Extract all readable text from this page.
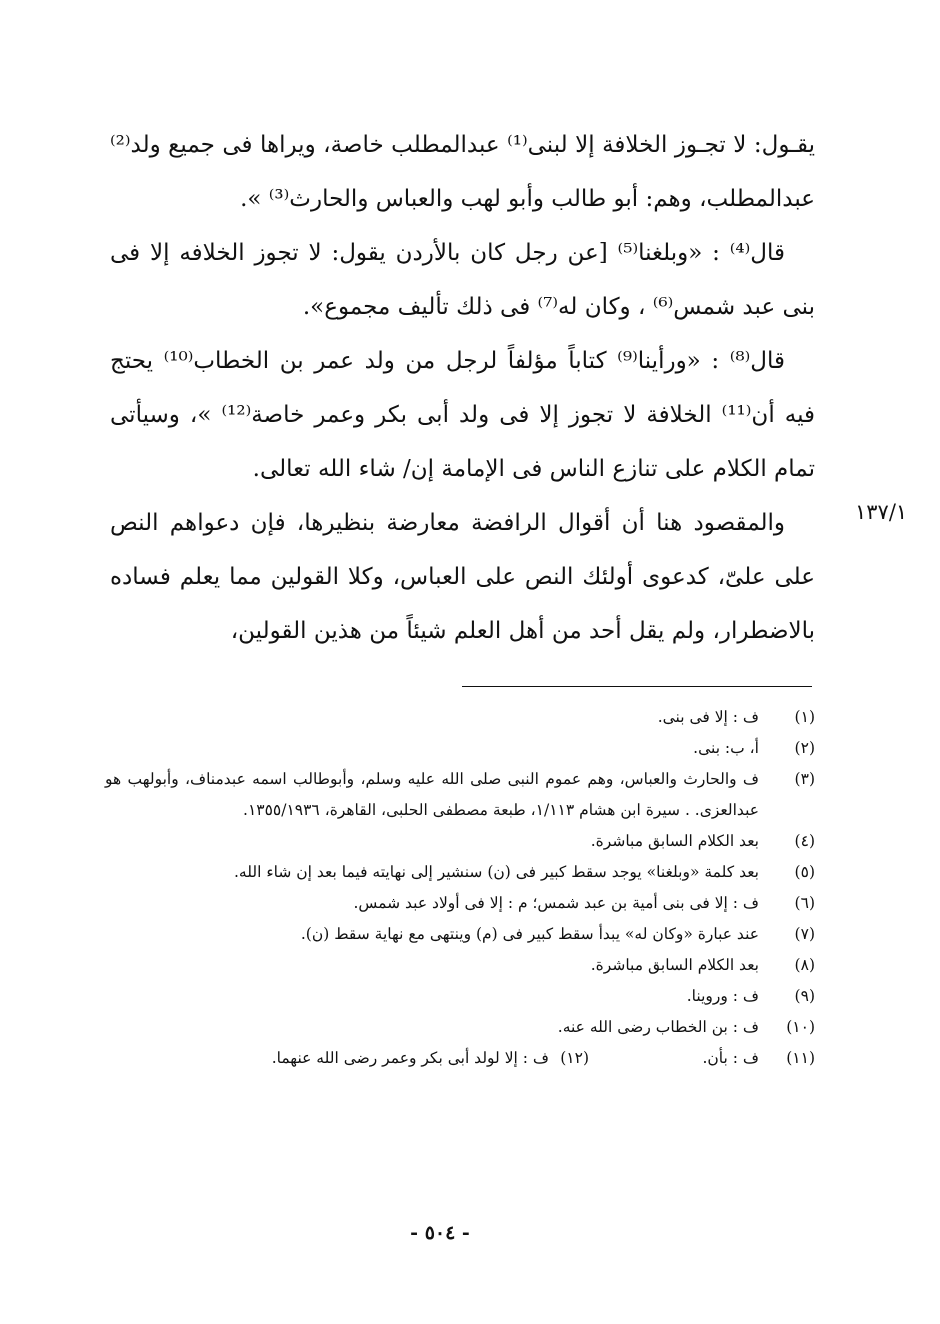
يقـول: لا تجـوز الخلافة إلا لبنى⁽¹⁾ عبدالمطلب خاصة، ويراها فى جميع ولد⁽²⁾ عبدالمطلب، وهم: أبو طالب وأبو لهب والعباس والحارث⁽³⁾ ».

قال⁽⁴⁾ : «وبلغنا⁽⁵⁾ [عن رجل كان بالأردن يقول: لا تجوز الخلافه إلا فى بنى عبد شمس⁽⁶⁾ ، وكان له⁽⁷⁾ فى ذلك تأليف مجموع».

قال⁽⁸⁾ : «ورأينا⁽⁹⁾ كتاباً مؤلفاً لرجل من ولد عمر بن الخطاب⁽¹⁰⁾ يحتج فيه أن⁽¹¹⁾ الخلافة لا تجوز إلا فى ولد أبى بكر وعمر خاصة⁽¹²⁾ »، وسيأتى تمام الكلام على تنازع الناس فى الإمامة إن/ شاء الله تعالى.

والمقصود هنا أن أقوال الرافضة معارضة بنظيرها، فإن دعواهم النص على علىّ، كدعوى أولئك النص على العباس، وكلا القولين مما يعلم فساده بالاضطرار، ولم يقل أحد من أهل العلم شيئاً من هذين القولين،

١٣٧/١
(١)
ف : إلا فى بنى.
(٢)
أ، ب: بنى.
(٣)
ف والحارث والعباس، وهم عموم النبى صلى الله عليه وسلم، وأبوطالب اسمه عبدمناف، وأبولهب هو عبدالعزى. . سيرة ابن هشام ١/١١٣، طبعة مصطفى الحلبى، القاهرة، ١٣٥٥/١٩٣٦.
(٤)
بعد الكلام السابق مباشرة.
(٥)
بعد كلمة «وبلغنا» يوجد سقط كبير فى (ن) سنشير إلى نهايته فيما بعد إن شاء الله.
(٦)
ف : إلا فى بنى أمية بن عبد شمس؛ م : إلا فى أولاد عبد شمس.
(٧)
عند عبارة «وكان له» يبدأ سقط كبير فى (م) وينتهى مع نهاية سقط (ن).
(٨)
بعد الكلام السابق مباشرة.
(٩)
ف : وروينا.
(١٠)
ف : بن الخطاب رضى الله عنه.
(١١)
ف : بأن.
(١٢)
ف : إلا لولد أبى بكر وعمر رضى الله عنهما.
- ٥٠٤ -
